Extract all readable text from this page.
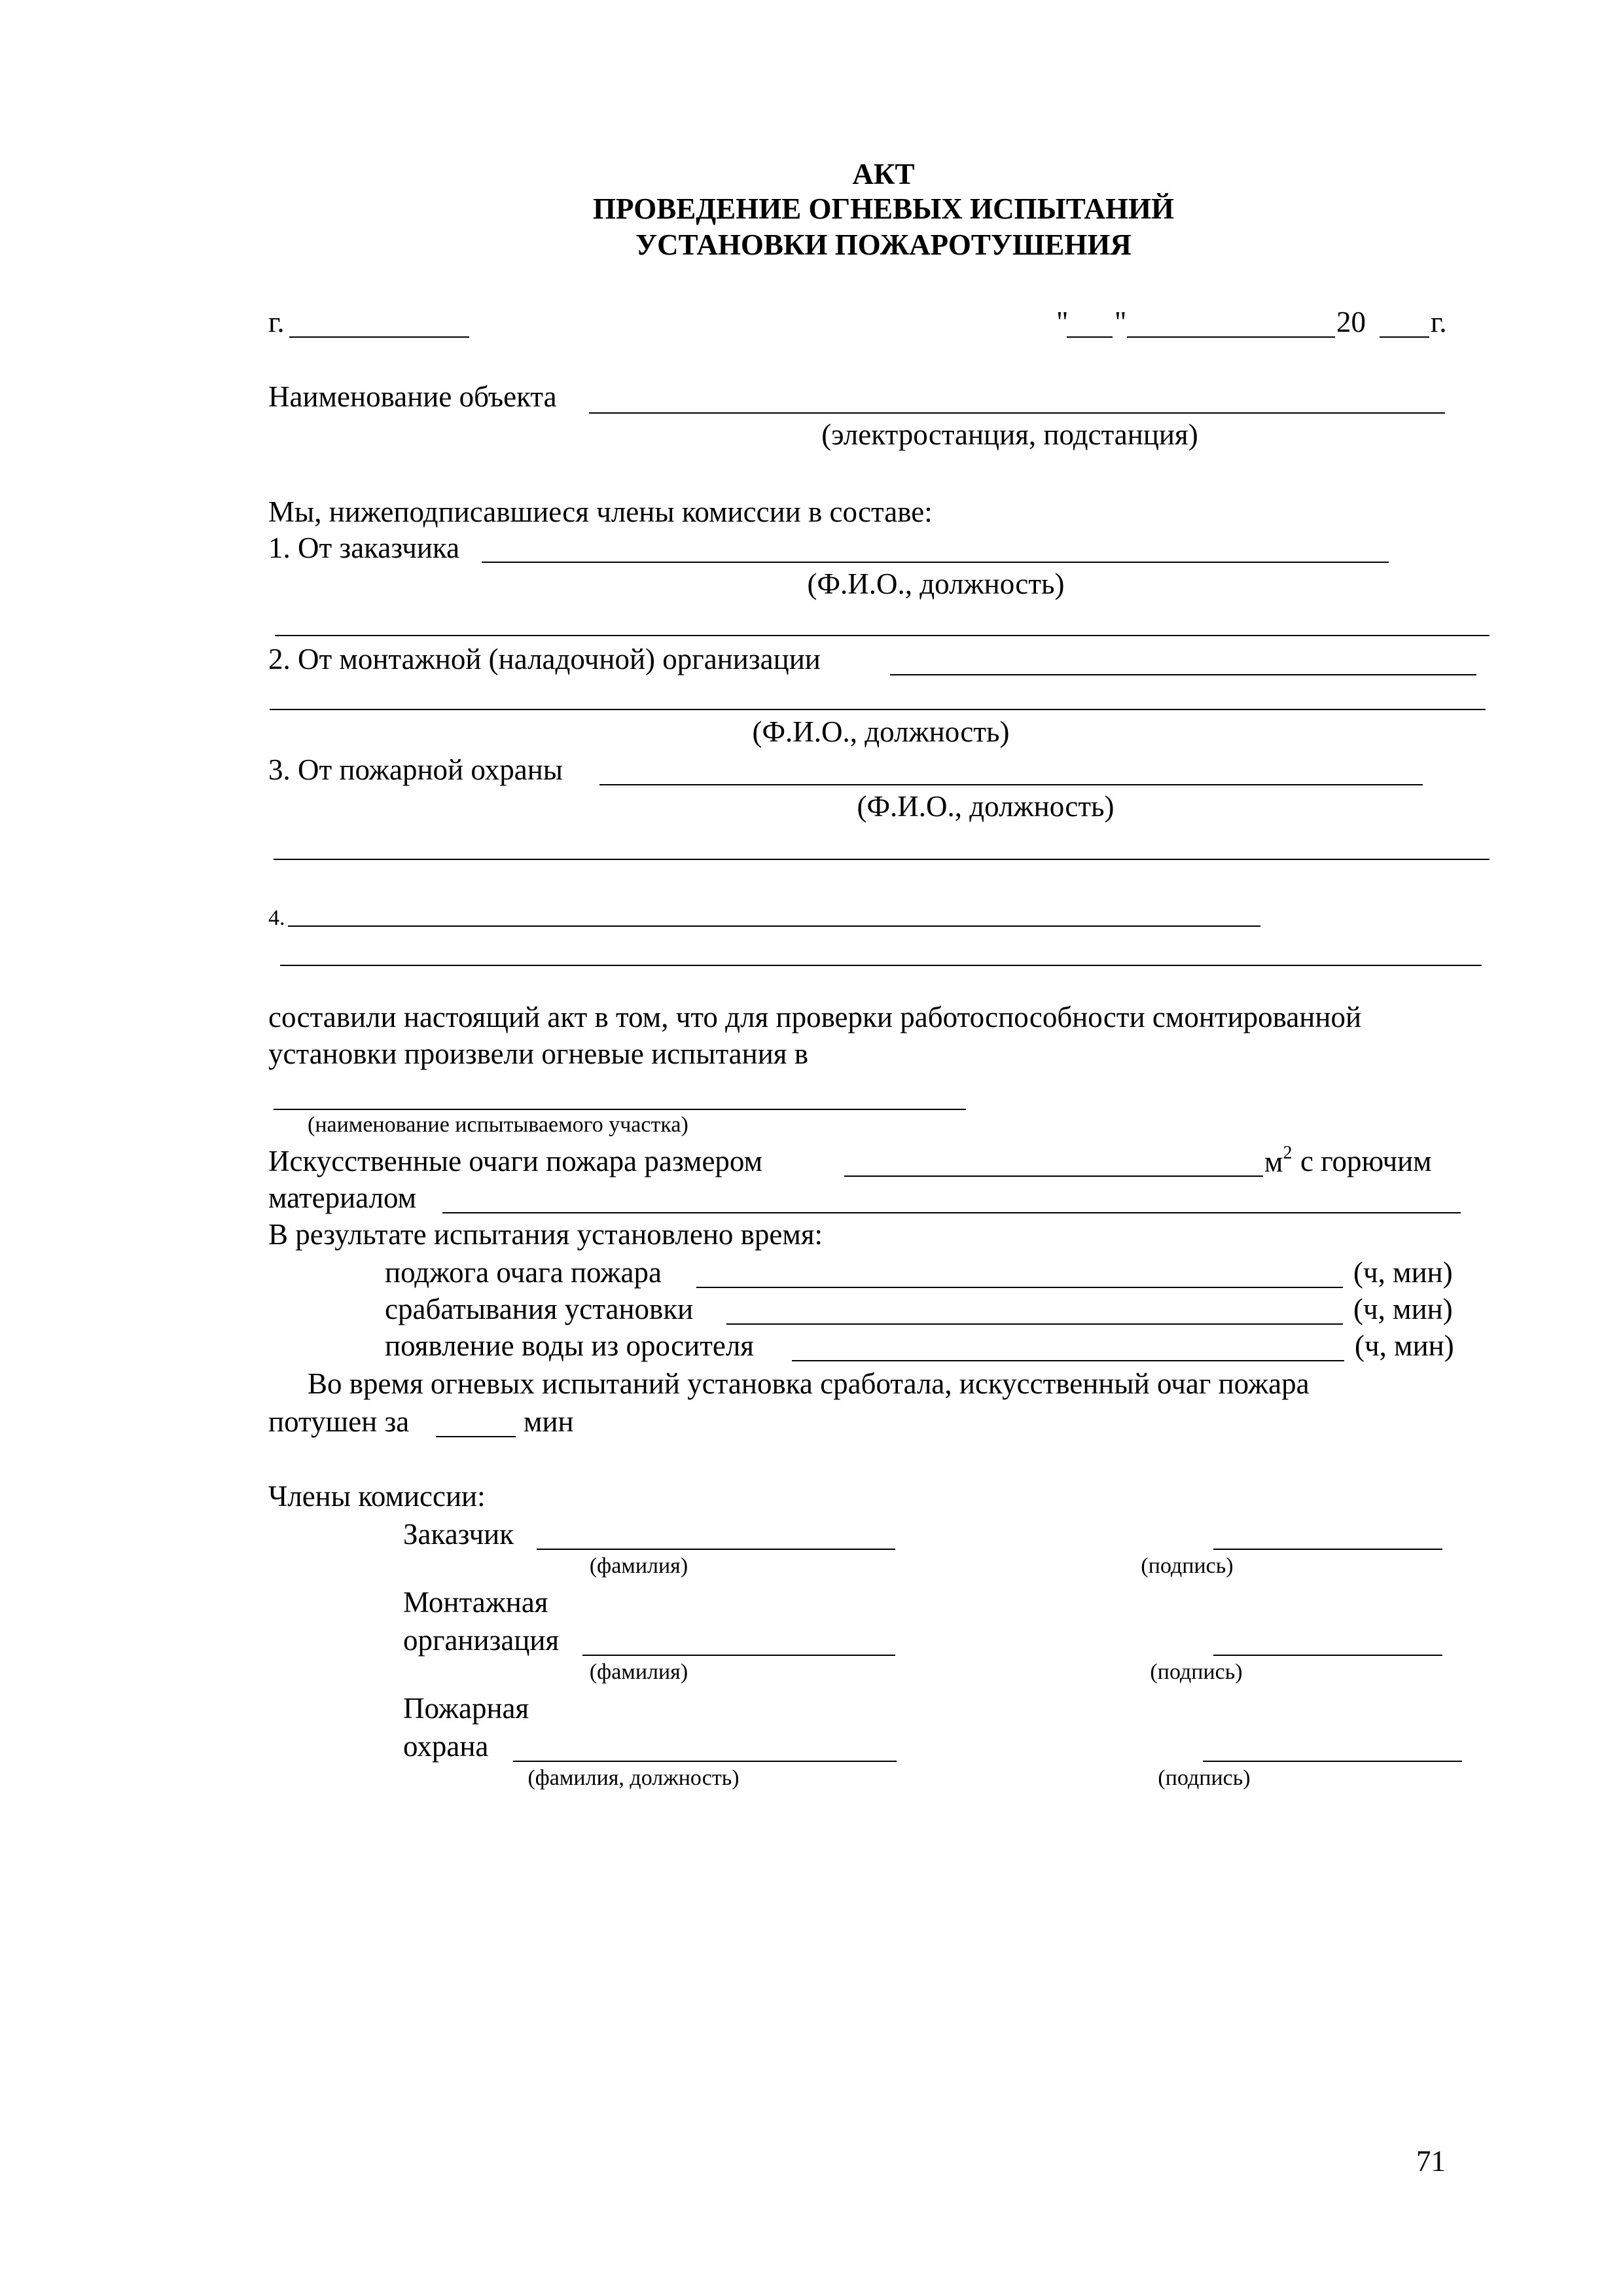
АКТ
ПРОВЕДЕНИЕ ОГНЕВЫХ ИСПЫТАНИЙ
УСТАНОВКИ ПОЖАРОТУШЕНИЯ
г.	" "	20 г.
Наименование объекта
(электростанция, подстанция)
Мы, нижеподписавшиеся члены комиссии в составе:
1. От заказчика
(Ф.И.О., должность)
2. От монтажной (наладочной) организации
(Ф.И.О., должность)
3. От пожарной охраны
(Ф.И.О., должность)
4.
составили настоящий акт в том, что для проверки работоспособности смонтированной
установки произвели огневые испытания в
(наименование испытываемого участка)
Искусственные очаги пожара размером	$м^2$ с горючим
материалом
В результате испытания установлено время:
поджога очага пожара	(ч, мин)
срабатывания установки	(ч, мин)
появление воды из оросителя	(ч, мин)
Во время огневых испытаний установка сработала, искусственный очаг пожара
потушен за	мин
Члены комиссии:
Заказчик
(фамилия)	(подпись)
Монтажная
организация
(фамилия)	(подпись)
Пожарная
охрана
(фамилия, должность)	(подпись)
71
